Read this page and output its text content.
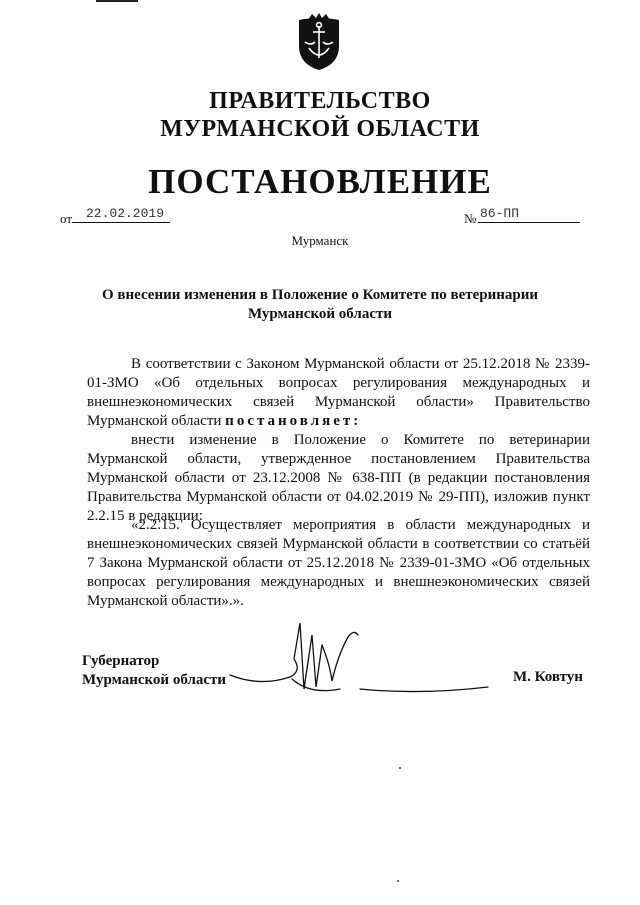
ПРАВИТЕЛЬСТВО
МУРМАНСКОЙ ОБЛАСТИ
ПОСТАНОВЛЕНИЕ
от 22.02.2019	№ 86-ПП
Мурманск
О внесении изменения в Положение о Комитете по ветеринарии
Мурманской области
В соответствии с Законом Мурманской области от 25.12.2018 № 2339-01-ЗМО «Об отдельных вопросах регулирования международных и внешнеэкономических связей Мурманской области» Правительство Мурманской области постановляет:
внести изменение в Положение о Комитете по ветеринарии Мурманской области, утвержденное постановлением Правительства Мурманской области от 23.12.2008 № 638-ПП (в редакции постановления Правительства Мурманской области от 04.02.2019 № 29-ПП), изложив пункт 2.2.15 в редакции:
«2.2.15. Осуществляет мероприятия в области международных и внешнеэкономических связей Мурманской области в соответствии со статьёй 7 Закона Мурманской области от 25.12.2018 № 2339-01-ЗМО «Об отдельных вопросах регулирования международных и внешнеэкономических связей Мурманской области».».
Губернатор
Мурманской области	М. Ковтун
